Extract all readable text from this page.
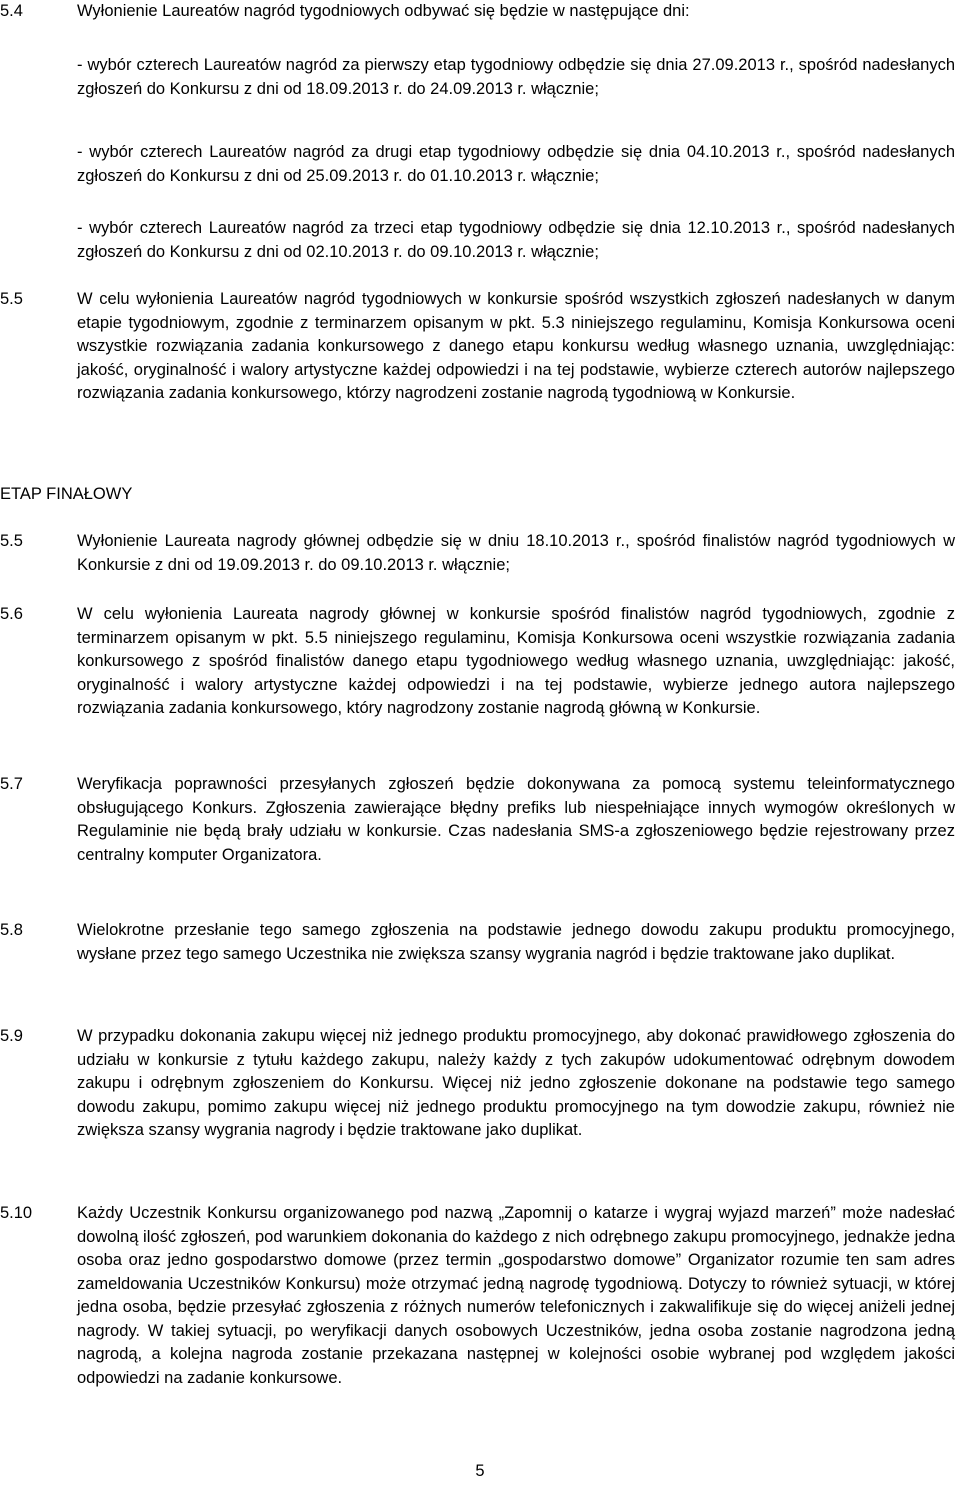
5.4	Wyłonienie Laureatów nagród tygodniowych odbywać się będzie w następujące dni:
- wybór czterech Laureatów nagród za pierwszy etap tygodniowy odbędzie się dnia 27.09.2013 r., spośród nadesłanych zgłoszeń do Konkursu z dni od 18.09.2013 r. do 24.09.2013 r. włącznie;
- wybór czterech Laureatów nagród za drugi etap tygodniowy odbędzie się dnia 04.10.2013 r., spośród nadesłanych zgłoszeń do Konkursu z dni od 25.09.2013 r. do 01.10.2013 r. włącznie;
- wybór czterech Laureatów nagród za trzeci etap tygodniowy odbędzie się dnia 12.10.2013 r., spośród nadesłanych zgłoszeń do Konkursu z dni od 02.10.2013 r. do 09.10.2013 r. włącznie;
5.5	W celu wyłonienia Laureatów nagród tygodniowych w konkursie spośród wszystkich zgłoszeń nadesłanych w danym etapie tygodniowym, zgodnie z terminarzem opisanym w pkt. 5.3 niniejszego regulaminu, Komisja Konkursowa oceni wszystkie rozwiązania zadania konkursowego z danego etapu konkursu według własnego uznania, uwzględniając: jakość, oryginalność i walory artystyczne każdej odpowiedzi i na tej podstawie, wybierze czterech autorów najlepszego rozwiązania zadania konkursowego, którzy nagrodzeni zostanie nagrodą tygodniową w Konkursie.
ETAP FINAŁOWY
5.5	Wyłonienie Laureata nagrody głównej odbędzie się w dniu 18.10.2013 r., spośród finalistów nagród tygodniowych w Konkursie z dni od 19.09.2013 r. do 09.10.2013 r. włącznie;
5.6	W celu wyłonienia Laureata nagrody głównej w konkursie spośród finalistów nagród tygodniowych, zgodnie z terminarzem opisanym w pkt. 5.5 niniejszego regulaminu, Komisja Konkursowa oceni wszystkie rozwiązania zadania konkursowego z spośród finalistów danego etapu tygodniowego według własnego uznania, uwzględniając: jakość, oryginalność i walory artystyczne każdej odpowiedzi i na tej podstawie, wybierze jednego autora najlepszego rozwiązania zadania konkursowego, który nagrodzony zostanie nagrodą główną w Konkursie.
5.7	Weryfikacja poprawności przesyłanych zgłoszeń będzie dokonywana za pomocą systemu teleinformatycznego obsługującego Konkurs. Zgłoszenia zawierające błędny prefiks lub niespełniające innych wymogów określonych w Regulaminie nie będą brały udziału w konkursie. Czas nadesłania SMS-a zgłoszeniowego będzie rejestrowany przez centralny komputer Organizatora.
5.8	Wielokrotne przesłanie tego samego zgłoszenia na podstawie jednego dowodu zakupu produktu promocyjnego, wysłane przez tego samego Uczestnika nie zwiększa szansy wygrania nagród i będzie traktowane jako duplikat.
5.9	W przypadku dokonania zakupu więcej niż jednego produktu promocyjnego, aby dokonać prawidłowego zgłoszenia do udziału w konkursie z tytułu każdego zakupu, należy każdy z tych zakupów udokumentować odrębnym dowodem zakupu i odrębnym zgłoszeniem do Konkursu. Więcej niż jedno zgłoszenie dokonane na podstawie tego samego dowodu zakupu, pomimo zakupu więcej niż jednego produktu promocyjnego na tym dowodzie zakupu, również nie zwiększa szansy wygrania nagrody i będzie traktowane jako duplikat.
5.10	Każdy Uczestnik Konkursu organizowanego pod nazwą „Zapomnij o katarze i wygraj wyjazd marzeń” może nadesłać dowolną ilość zgłoszeń, pod warunkiem dokonania do każdego z nich odrębnego zakupu promocyjnego, jednakże jedna osoba oraz jedno gospodarstwo domowe (przez termin „gospodarstwo domowe” Organizator rozumie ten sam adres zameldowania Uczestników Konkursu) może otrzymać jedną nagrodę tygodniową. Dotyczy to również sytuacji, w której jedna osoba, będzie przesyłać zgłoszenia z różnych numerów telefonicznych i zakwalifikuje się do więcej aniżeli jednej nagrody. W takiej sytuacji, po weryfikacji danych osobowych Uczestników, jedna osoba zostanie nagrodzona jedną nagrodą, a kolejna nagroda zostanie przekazana następnej w kolejności osobie wybranej pod względem jakości odpowiedzi na zadanie konkursowe.
5
